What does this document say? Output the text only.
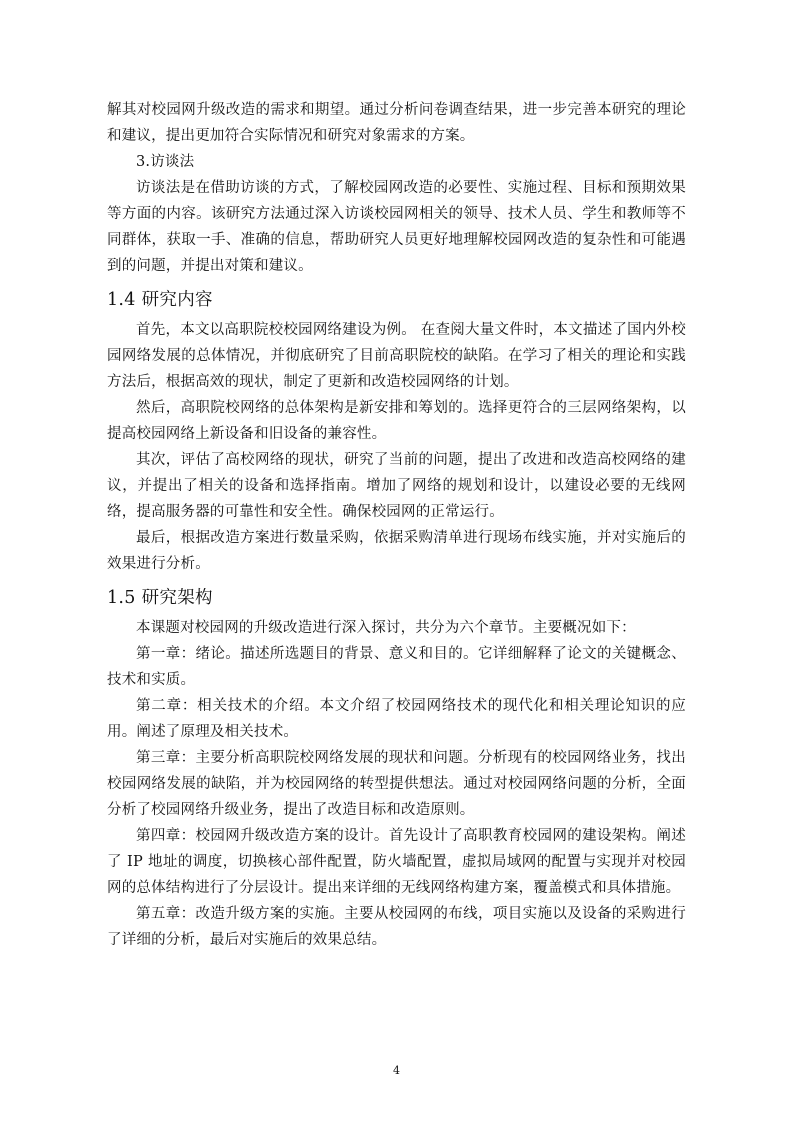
解其对校园网升级改造的需求和期望。通过分析问卷调查结果，进一步完善本研究的理论和建议，提出更加符合实际情况和研究对象需求的方案。

3.访谈法

访谈法是在借助访谈的方式，了解校园网改造的必要性、实施过程、目标和预期效果等方面的内容。该研究方法通过深入访谈校园网相关的领导、技术人员、学生和教师等不同群体，获取一手、准确的信息，帮助研究人员更好地理解校园网改造的复杂性和可能遇到的问题，并提出对策和建议。

1.4 研究内容

首先，本文以高职院校校园网络建设为例。 在查阅大量文件时，本文描述了国内外校园网络发展的总体情况，并彻底研究了目前高职院校的缺陷。在学习了相关的理论和实践方法后，根据高效的现状，制定了更新和改造校园网络的计划。

然后，高职院校网络的总体架构是新安排和筹划的。选择更符合的三层网络架构，以提高校园网络上新设备和旧设备的兼容性。

其次，评估了高校网络的现状，研究了当前的问题，提出了改进和改造高校网络的建议，并提出了相关的设备和选择指南。增加了网络的规划和设计，以建设必要的无线网络，提高服务器的可靠性和安全性。确保校园网的正常运行。

最后，根据改造方案进行数量采购，依据采购清单进行现场布线实施，并对实施后的效果进行分析。

1.5 研究架构

本课题对校园网的升级改造进行深入探讨，共分为六个章节。主要概况如下：

第一章：绪论。描述所选题目的背景、意义和目的。它详细解释了论文的关键概念、技术和实质。

第二章：相关技术的介绍。本文介绍了校园网络技术的现代化和相关理论知识的应用。阐述了原理及相关技术。

第三章：主要分析高职院校网络发展的现状和问题。分析现有的校园网络业务，找出校园网络发展的缺陷，并为校园网络的转型提供想法。通过对校园网络问题的分析，全面分析了校园网络升级业务，提出了改造目标和改造原则。

第四章：校园网升级改造方案的设计。首先设计了高职教育校园网的建设架构。阐述了 IP 地址的调度，切换核心部件配置，防火墙配置，虚拟局域网的配置与实现并对校园网的总体结构进行了分层设计。提出来详细的无线网络构建方案，覆盖模式和具体措施。

第五章：改造升级方案的实施。主要从校园网的布线，项目实施以及设备的采购进行了详细的分析，最后对实施后的效果总结。

4
